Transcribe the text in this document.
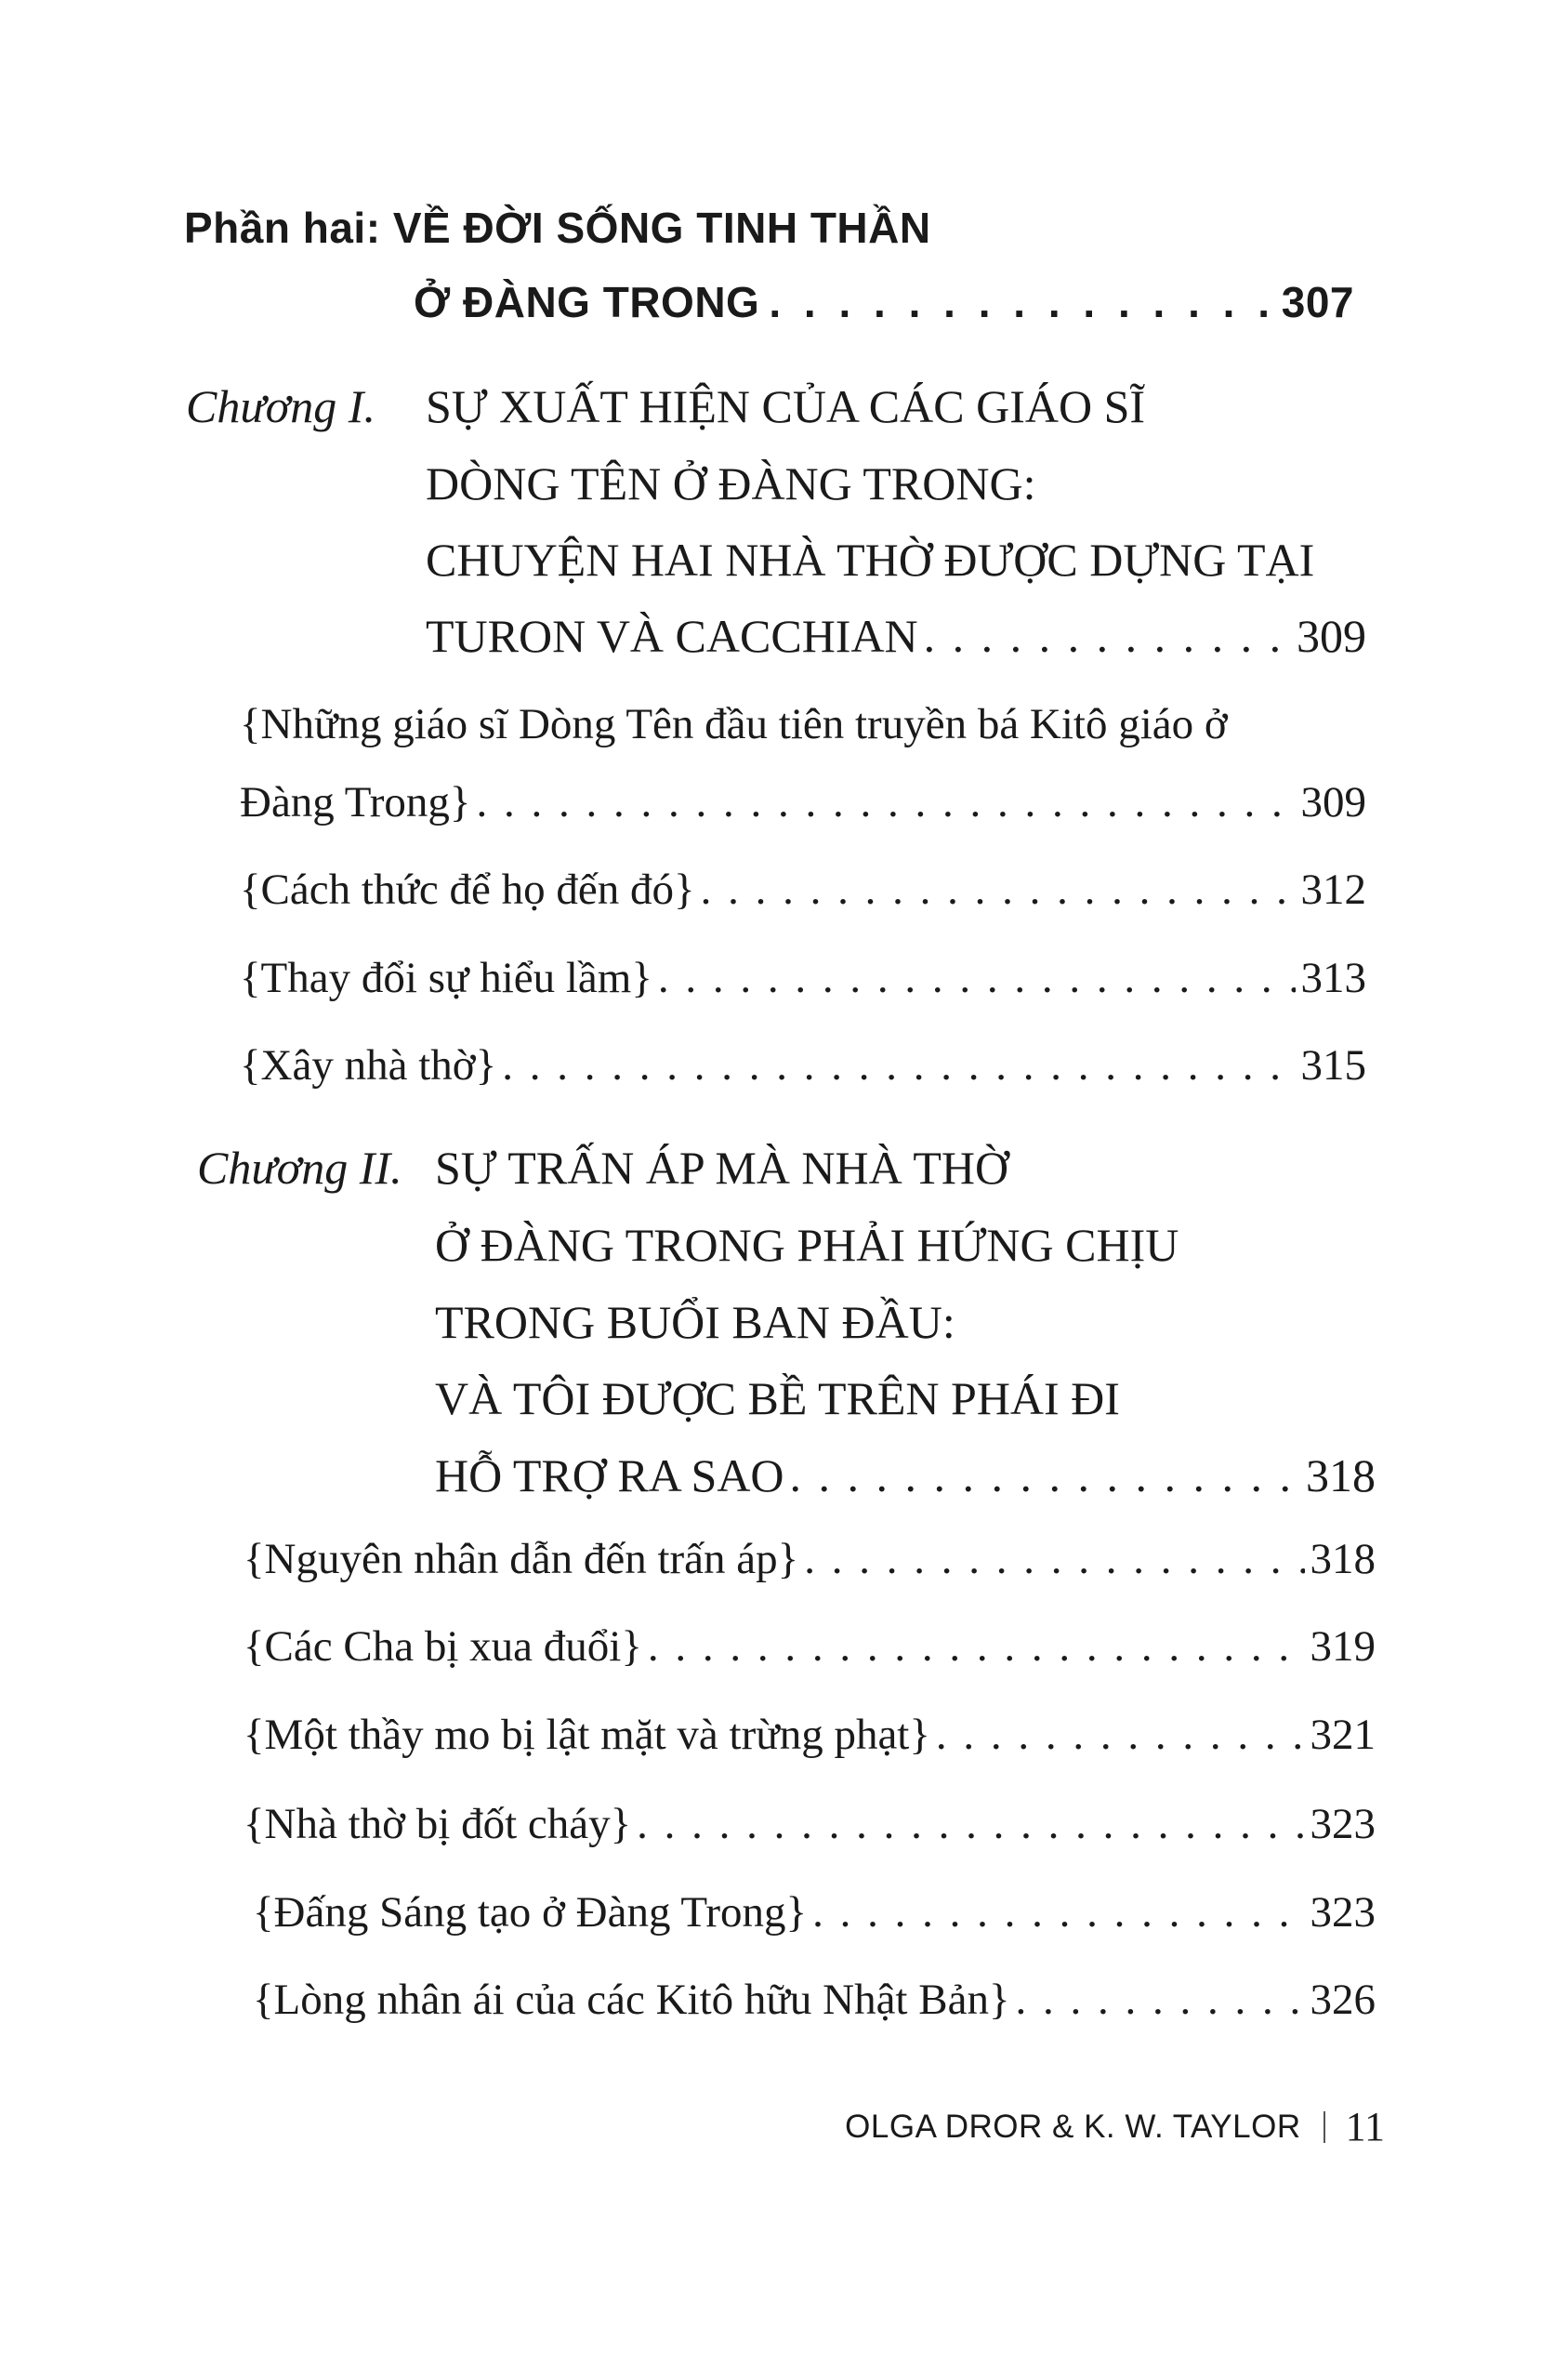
Phần hai: VỀ ĐỜI SỐNG TINH THẦN
Ở ĐÀNG TRONG . . .	307
Chương I. SỰ XUẤT HIỆN CỦA CÁC GIÁO SĨ
DÒNG TÊN Ở ĐÀNG TRONG:
CHUYỆN HAI NHÀ THỜ ĐƯỢC DỰNG TẠI
TURON VÀ CACCHIAN . . .	309
{Những giáo sĩ Dòng Tên đầu tiên truyền bá Kitô giáo ở
Đàng Trong} . . .	309
{Cách thức để họ đến đó} . . .	312
{Thay đổi sự hiểu lầm} . . .	313
{Xây nhà thờ} . . .	315
Chương II. SỰ TRẤN ÁP MÀ NHÀ THỜ
Ở ĐÀNG TRONG PHẢI HỨNG CHỊU
TRONG BUỔI BAN ĐẦU:
VÀ TÔI ĐƯỢC BỀ TRÊN PHÁI ĐI
HỖ TRỢ RA SAO . . .	318
{Nguyên nhân dẫn đến trấn áp} . . .	318
{Các Cha bị xua đuổi} . . .	319
{Một thầy mo bị lật mặt và trừng phạt} . . .	321
{Nhà thờ bị đốt cháy} . . .	323
{Đấng Sáng tạo ở Đàng Trong} . . .	323
{Lòng nhân ái của các Kitô hữu Nhật Bản} . . .	326
OLGA DROR & K. W. TAYLOR 11
